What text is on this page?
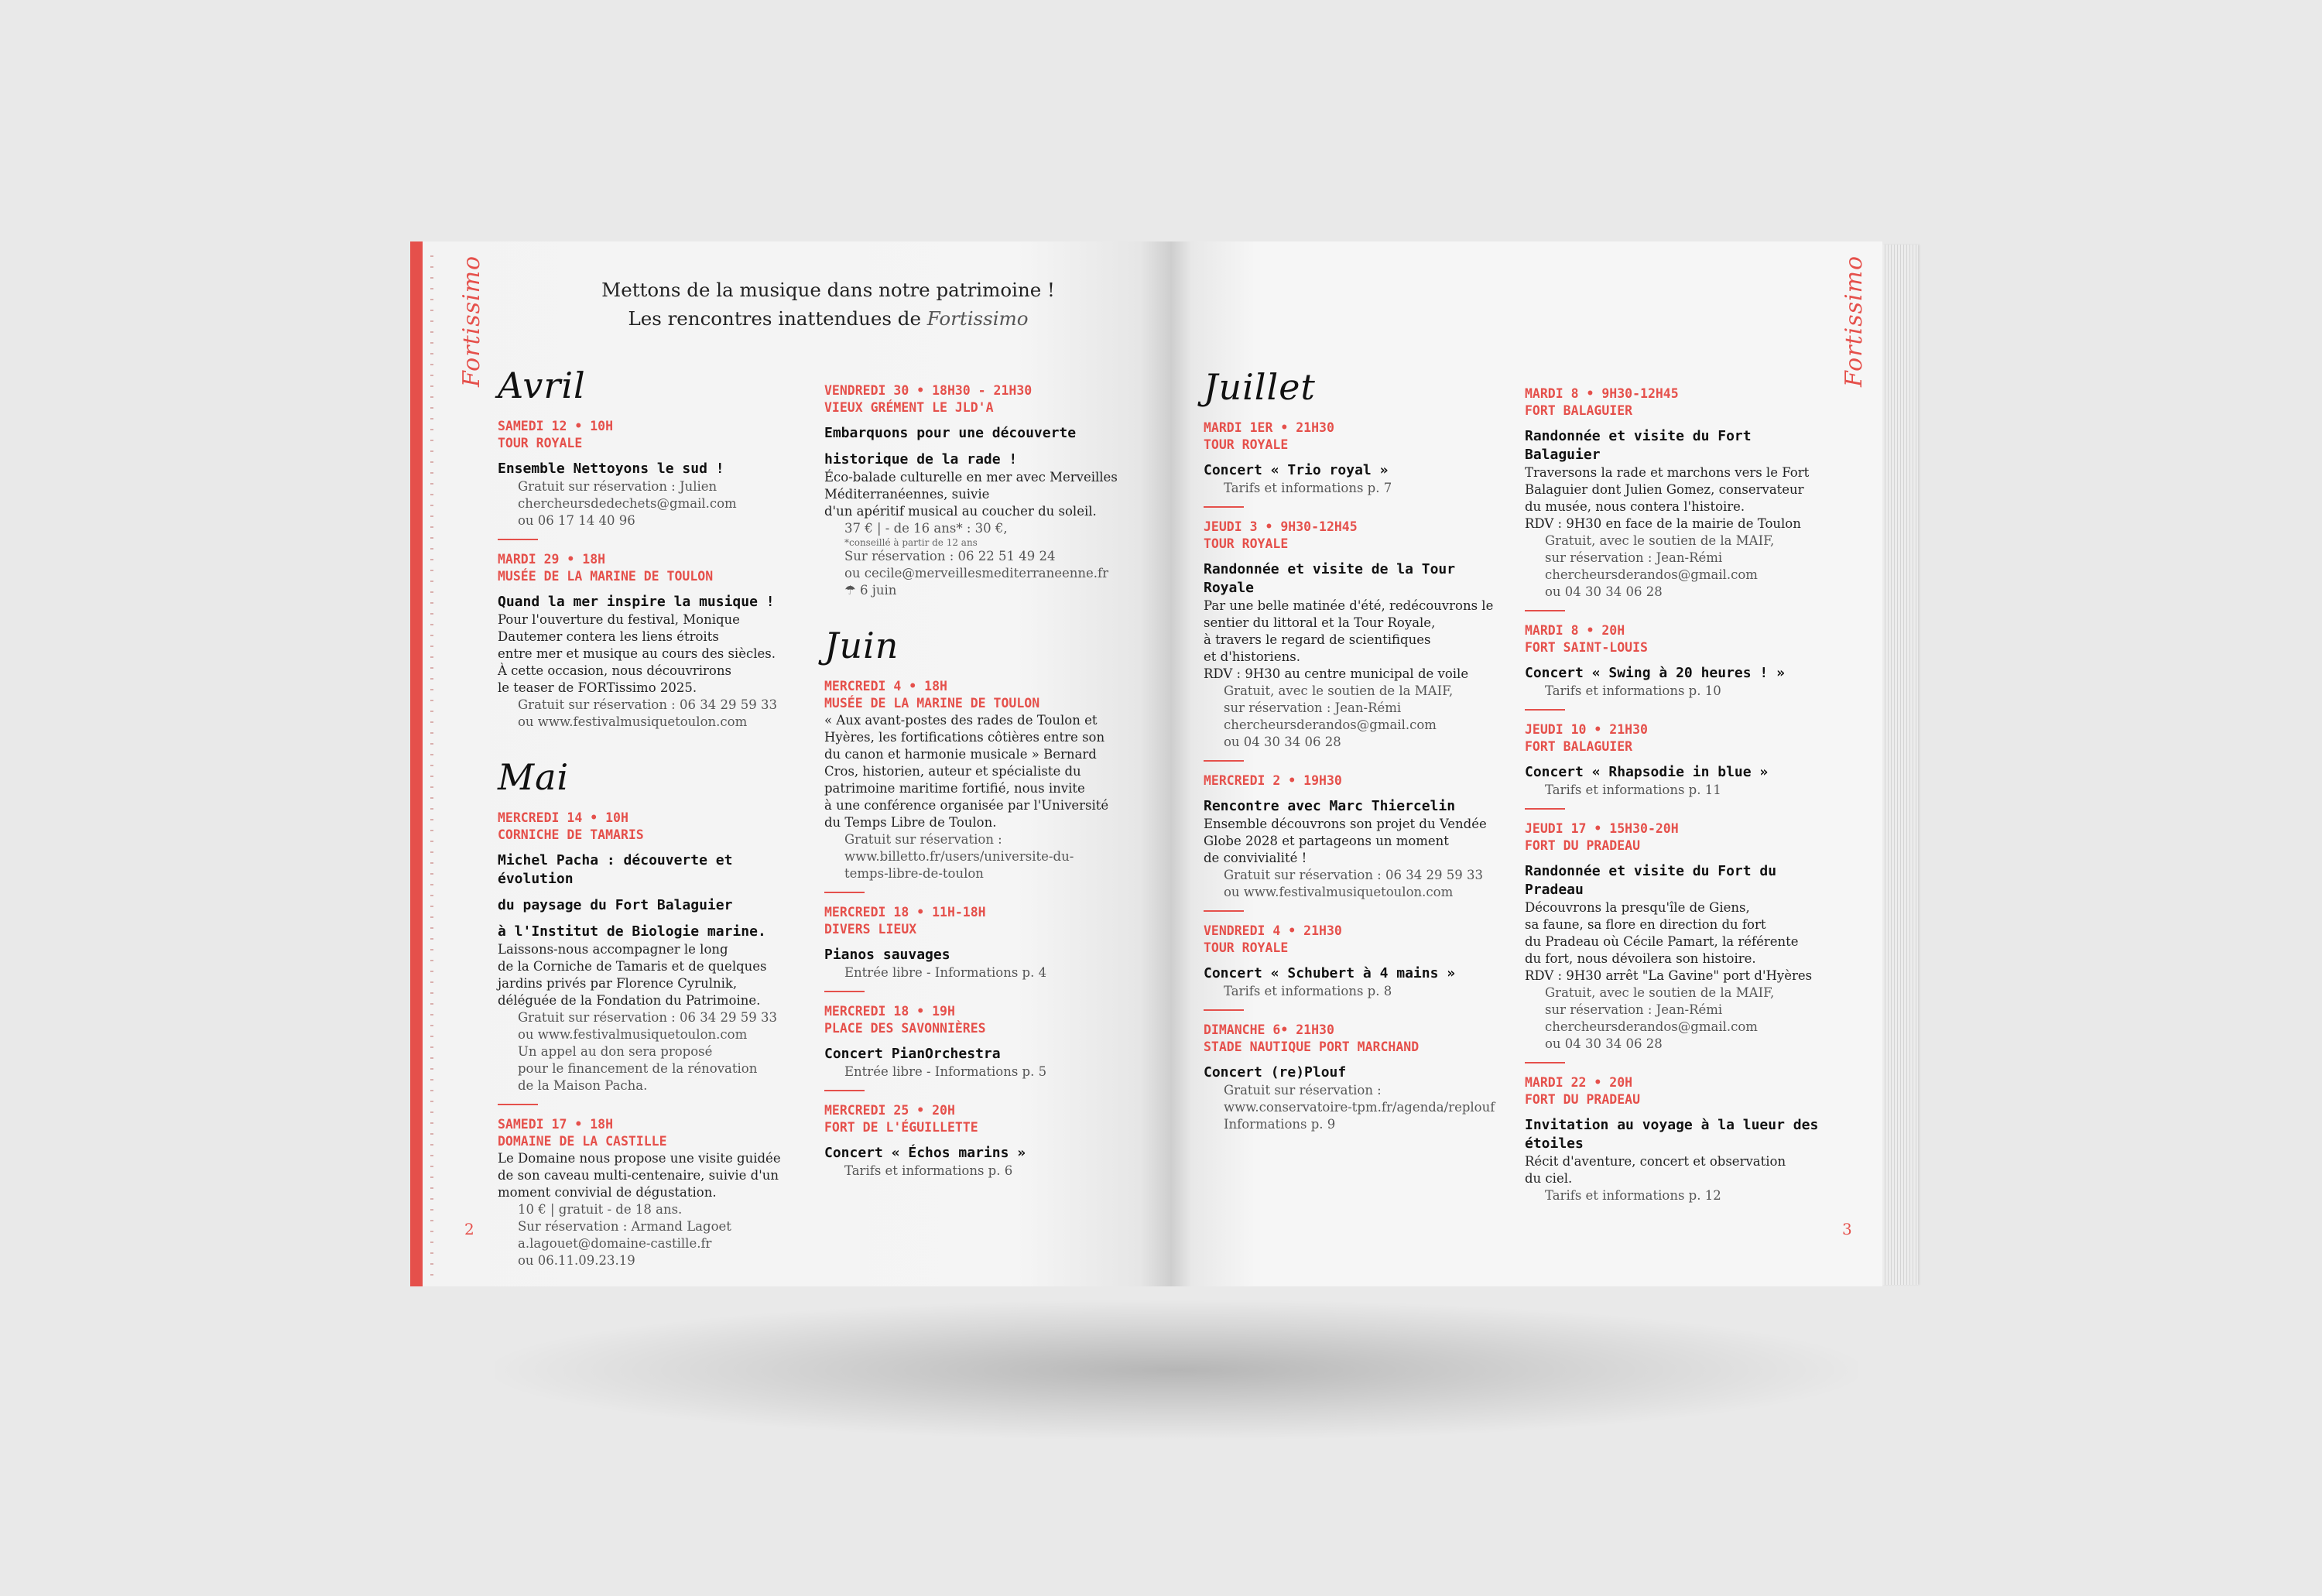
Fortissimo	Fortissimo
Mettons de la musique dans notre patrimoine !
Les rencontres inattendues de Fortissimo
Avril
SAMEDI 12 • 10H
TOUR ROYALE
Ensemble Nettoyons le sud !
Gratuit sur réservation : Julien
chercheursdedechets@gmail.com
ou 06 17 14 40 96
MARDI 29 • 18H
MUSÉE DE LA MARINE DE TOULON
Quand la mer inspire la musique !
Pour l'ouverture du festival, Monique
Dautemer contera les liens étroits
entre mer et musique au cours des siècles.
À cette occasion, nous découvrirons
le teaser de FORTissimo 2025.
Gratuit sur réservation : 06 34 29 59 33
ou www.festivalmusiquetoulon.com
Mai
MERCREDI 14 • 10H
CORNICHE DE TAMARIS
Michel Pacha : découverte et évolution
du paysage du Fort Balaguier
à l'Institut de Biologie marine.
Laissons-nous accompagner le long
de la Corniche de Tamaris et de quelques
jardins privés par Florence Cyrulnik,
déléguée de la Fondation du Patrimoine.
Gratuit sur réservation : 06 34 29 59 33
ou www.festivalmusiquetoulon.com
Un appel au don sera proposé
pour le financement de la rénovation
de la Maison Pacha.
SAMEDI 17 • 18H
DOMAINE DE LA CASTILLE
Le Domaine nous propose une visite guidée
de son caveau multi-centenaire, suivie d'un
moment convivial de dégustation.
10 € | gratuit - de 18 ans.
Sur réservation : Armand Lagoet
a.lagouet@domaine-castille.fr
ou 06.11.09.23.19
VENDREDI 30 • 18H30 - 21H30
VIEUX GRÉMENT LE JLD'A
Embarquons pour une découverte
historique de la rade !
Éco-balade culturelle en mer avec Merveilles
Méditerranéennes, suivie
d'un apéritif musical au coucher du soleil.
37 € | - de 16 ans* : 30 €,
*conseillé à partir de 12 ans
Sur réservation : 06 22 51 49 24
ou cecile@merveillesmediterraneenne.fr
☂ 6 juin
Juin
MERCREDI 4 • 18H
MUSÉE DE LA MARINE DE TOULON
« Aux avant-postes des rades de Toulon et
Hyères, les fortifications côtières entre son
du canon et harmonie musicale » Bernard
Cros, historien, auteur et spécialiste du
patrimoine maritime fortifié, nous invite
à une conférence organisée par l'Université
du Temps Libre de Toulon.
Gratuit sur réservation :
www.billetto.fr/users/universite-du-
temps-libre-de-toulon
MERCREDI 18 • 11H-18H
DIVERS LIEUX
Pianos sauvages
Entrée libre - Informations p. 4
MERCREDI 18 • 19H
PLACE DES SAVONNIÈRES
Concert PianOrchestra
Entrée libre - Informations p. 5
MERCREDI 25 • 20H
FORT DE L'ÉGUILLETTE
Concert « Échos marins »
Tarifs et informations p. 6
Juillet
MARDI 1ER • 21H30
TOUR ROYALE
Concert « Trio royal »
Tarifs et informations p. 7
JEUDI 3 • 9H30-12H45
TOUR ROYALE
Randonnée et visite de la Tour Royale
Par une belle matinée d'été, redécouvrons le
sentier du littoral et la Tour Royale,
à travers le regard de scientifiques
et d'historiens.
RDV : 9H30 au centre municipal de voile
Gratuit, avec le soutien de la MAIF,
sur réservation : Jean-Rémi
chercheursderandos@gmail.com
ou 04 30 34 06 28
MERCREDI 2 • 19H30
Rencontre avec Marc Thiercelin
Ensemble découvrons son projet du Vendée
Globe 2028 et partageons un moment
de convivialité !
Gratuit sur réservation : 06 34 29 59 33
ou www.festivalmusiquetoulon.com
VENDREDI 4 • 21H30
TOUR ROYALE
Concert « Schubert à 4 mains »
Tarifs et informations p. 8
DIMANCHE 6• 21H30
STADE NAUTIQUE PORT MARCHAND
Concert (re)Plouf
Gratuit sur réservation :
www.conservatoire-tpm.fr/agenda/replouf
Informations p. 9
MARDI 8 • 9H30-12H45
FORT BALAGUIER
Randonnée et visite du Fort Balaguier
Traversons la rade et marchons vers le Fort
Balaguier dont Julien Gomez, conservateur
du musée, nous contera l'histoire.
RDV : 9H30 en face de la mairie de Toulon
Gratuit, avec le soutien de la MAIF,
sur réservation : Jean-Rémi
chercheursderandos@gmail.com
ou 04 30 34 06 28
MARDI 8 • 20H
FORT SAINT-LOUIS
Concert « Swing à 20 heures ! »
Tarifs et informations p. 10
JEUDI 10 • 21H30
FORT BALAGUIER
Concert « Rhapsodie in blue »
Tarifs et informations p. 11
JEUDI 17 • 15H30-20H
FORT DU PRADEAU
Randonnée et visite du Fort du Pradeau
Découvrons la presqu'île de Giens,
sa faune, sa flore en direction du fort
du Pradeau où Cécile Pamart, la référente
du fort, nous dévoilera son histoire.
RDV : 9H30 arrêt "La Gavine" port d'Hyères
Gratuit, avec le soutien de la MAIF,
sur réservation : Jean-Rémi
chercheursderandos@gmail.com
ou 04 30 34 06 28
MARDI 22 • 20H
FORT DU PRADEAU
Invitation au voyage à la lueur des étoiles
Récit d'aventure, concert et observation
du ciel.
Tarifs et informations p. 12
2	3
